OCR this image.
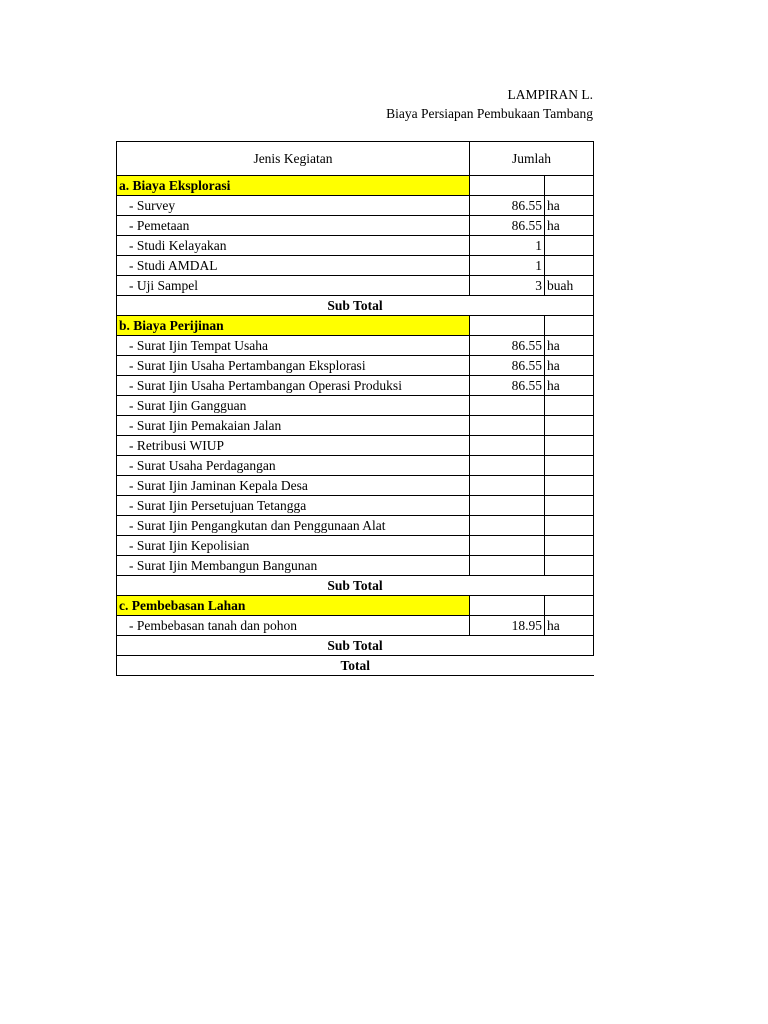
LAMPIRAN L.
Biaya Persiapan Pembukaan Tambang
Jenis Kegiatan	Jumlah	
a. Biaya Eksplorasi		
- Survey	86.55	ha
- Pemetaan	86.55	ha
- Studi Kelayakan	1	
- Studi AMDAL	1	
- Uji Sampel	3	buah
Sub Total		
b. Biaya Perijinan		
- Surat Ijin Tempat Usaha	86.55	ha
- Surat Ijin Usaha Pertambangan Eksplorasi	86.55	ha
- Surat Ijin Usaha Pertambangan Operasi Produksi	86.55	ha
- Surat Ijin Gangguan		
- Surat Ijin Pemakaian Jalan		
- Retribusi WIUP		
- Surat Usaha Perdagangan		
- Surat Ijin Jaminan Kepala Desa		
- Surat Ijin Persetujuan Tetangga		
- Surat Ijin Pengangkutan dan Penggunaan Alat		
- Surat Ijin Kepolisian		
- Surat Ijin Membangun Bangunan		
Sub Total		
c. Pembebasan Lahan		
- Pembebasan tanah dan pohon	18.95	ha
Sub Total		
Total		
